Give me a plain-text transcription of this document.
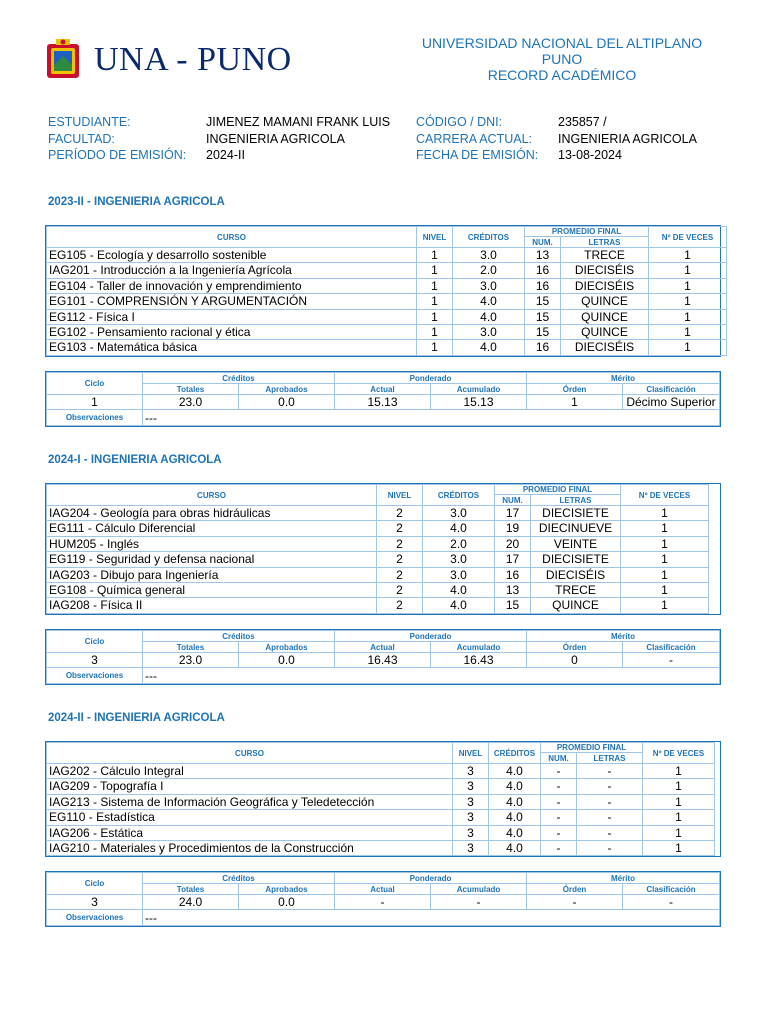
UNA - PUNO	UNIVERSIDAD NACIONAL DEL ALTIPLANO
PUNO
RECORD ACADÉMICO
ESTUDIANTE:	JIMENEZ MAMANI FRANK LUIS	CÓDIGO / DNI:	235857 /
FACULTAD:	INGENIERIA AGRICOLA	CARRERA ACTUAL:	INGENIERIA AGRICOLA
PERÍODO DE EMISIÓN:	2024-II	FECHA DE EMISIÓN:	13-08-2024
2023-II - INGENIERIA AGRICOLA
CURSO	NIVEL	CRÉDITOS	PROMEDIO FINAL		Nº DE VECES
			NUM.	LETRAS	
EG105 - Ecología y desarrollo sostenible	1	3.0	13	TRECE	1
IAG201 - Introducción a la Ingeniería Agrícola	1	2.0	16	DIECISÉIS	1
EG104 - Taller de innovación y emprendimiento	1	3.0	16	DIECISÉIS	1
EG101 - COMPRENSIÓN Y ARGUMENTACIÓN	1	4.0	15	QUINCE	1
EG112 - Física I	1	4.0	15	QUINCE	1
EG102 - Pensamiento racional y ética	1	3.0	15	QUINCE	1
EG103 - Matemática básica	1	4.0	16	DIECISÉIS	1
Ciclo	Créditos		Ponderado		Mérito	
	Totales	Aprobados	Actual	Acumulado	Órden	Clasificación
1	23.0	0.0	15.13	15.13	1	Décimo Superior
Observaciones	---					
2024-I - INGENIERIA AGRICOLA
CURSO	NIVEL	CRÉDITOS	PROMEDIO FINAL		Nº DE VECES
			NUM.	LETRAS	
IAG204 - Geología para obras hidráulicas	2	3.0	17	DIECISIETE	1
EG111 - Cálculo Diferencial	2	4.0	19	DIECINUEVE	1
HUM205 - Inglés	2	2.0	20	VEINTE	1
EG119 - Seguridad y defensa nacional	2	3.0	17	DIECISIETE	1
IAG203 - Dibujo para Ingeniería	2	3.0	16	DIECISÉIS	1
EG108 - Química general	2	4.0	13	TRECE	1
IAG208 - Física II	2	4.0	15	QUINCE	1
Ciclo	Créditos		Ponderado		Mérito	
	Totales	Aprobados	Actual	Acumulado	Órden	Clasificación
3	23.0	0.0	16.43	16.43	0	-
Observaciones	---					
2024-II - INGENIERIA AGRICOLA
CURSO	NIVEL	CRÉDITOS	PROMEDIO FINAL		Nº DE VECES
			NUM.	LETRAS	
IAG202 - Cálculo Integral	3	4.0	-	-	1
IAG209 - Topografía I	3	4.0	-	-	1
IAG213 - Sistema de Información Geográfica y Teledetección	3	4.0	-	-	1
EG110 - Estadística	3	4.0	-	-	1
IAG206 - Estática	3	4.0	-	-	1
IAG210 - Materiales y Procedimientos de la Construcción	3	4.0	-	-	1
Ciclo	Créditos		Ponderado		Mérito	
	Totales	Aprobados	Actual	Acumulado	Órden	Clasificación
3	24.0	0.0	-	-	-	-
Observaciones	---					
